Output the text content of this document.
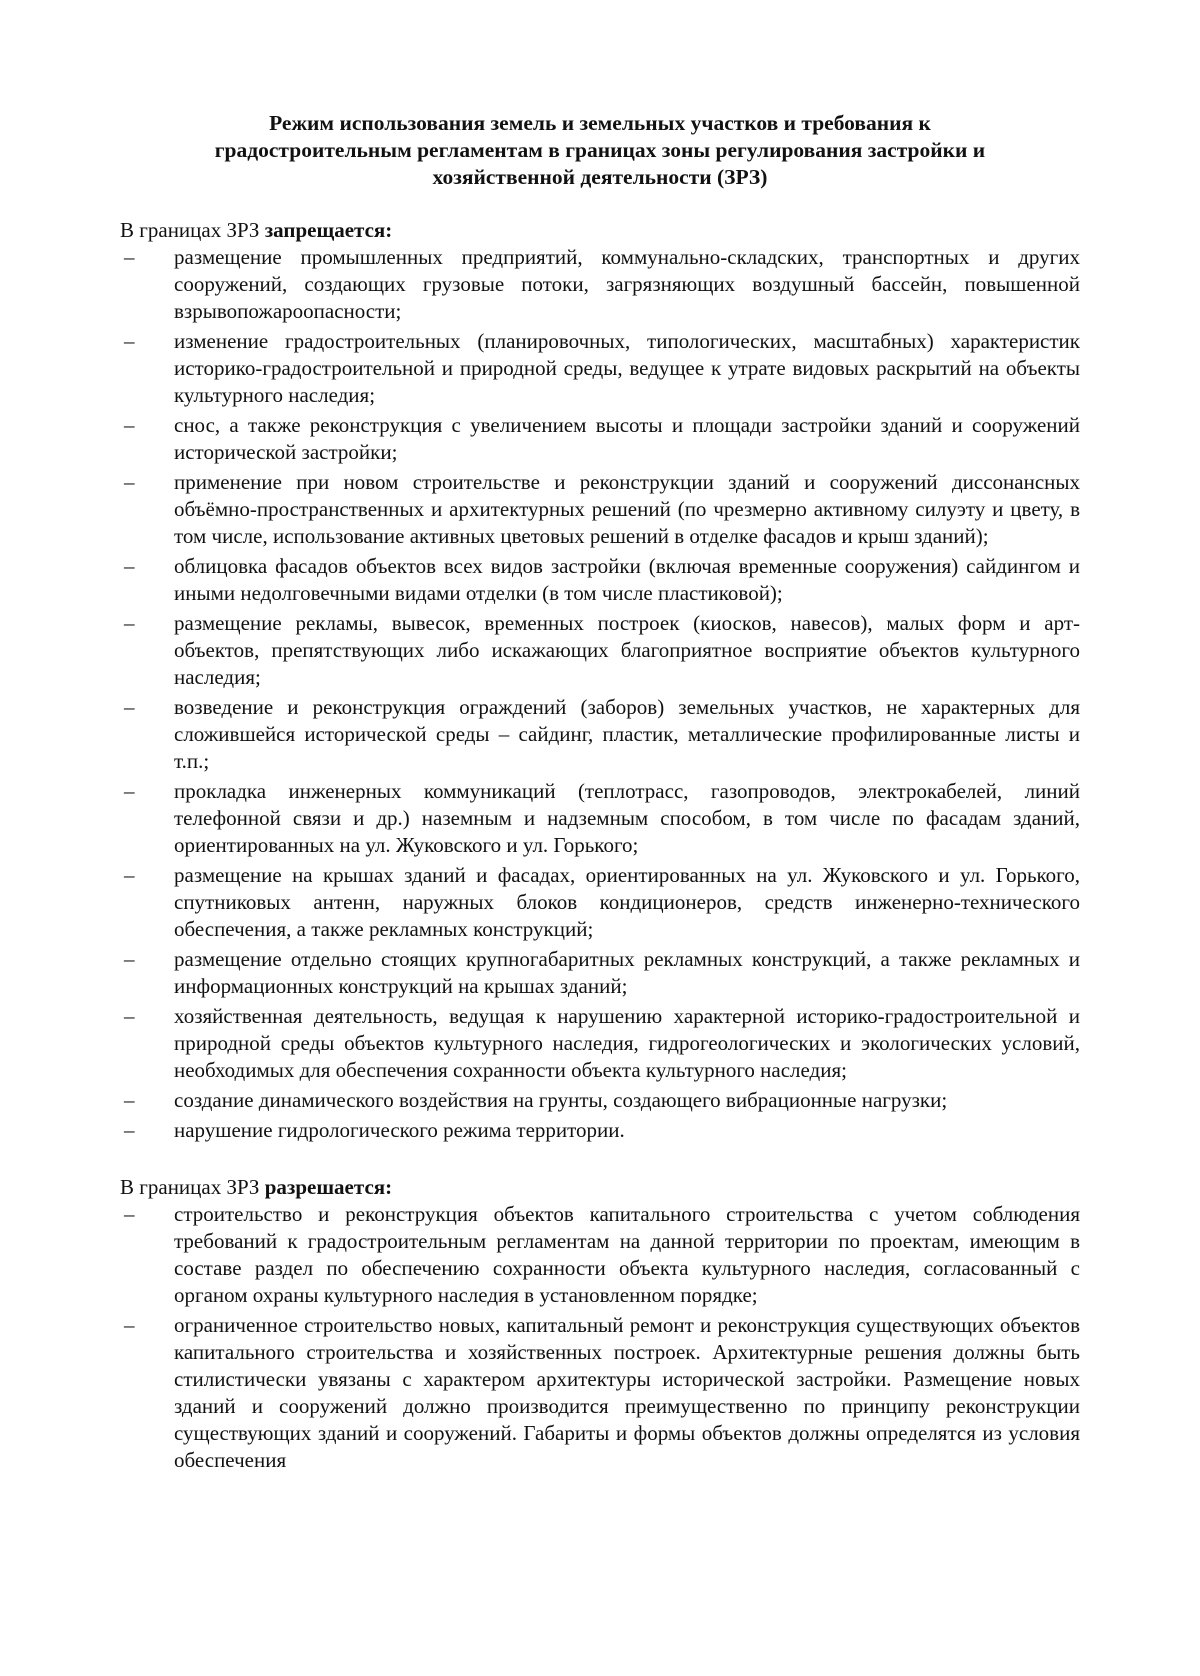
Режим использования земель и земельных участков и требования к
градостроительным регламентам в границах зоны регулирования застройки и
хозяйственной деятельности (ЗРЗ)

В границах ЗРЗ запрещается:

– размещение промышленных предприятий, коммунально-складских, транспортных и других сооружений, создающих грузовые потоки, загрязняющих воздушный бассейн, повышенной взрывопожароопасности;
– изменение градостроительных (планировочных, типологических, масштабных) характеристик историко-градостроительной и природной среды, ведущее к утрате видовых раскрытий на объекты культурного наследия;
– снос, а также реконструкция с увеличением высоты и площади застройки зданий и сооружений исторической застройки;
– применение при новом строительстве и реконструкции зданий и сооружений диссонансных объёмно-пространственных и архитектурных решений (по чрезмерно активному силуэту и цвету, в том числе, использование активных цветовых решений в отделке фасадов и крыш зданий);
– облицовка фасадов объектов всех видов застройки (включая временные сооружения) сайдингом и иными недолговечными видами отделки (в том числе пластиковой);
– размещение рекламы, вывесок, временных построек (киосков, навесов), малых форм и арт-объектов, препятствующих либо искажающих благоприятное восприятие объектов культурного наследия;
– возведение и реконструкция ограждений (заборов) земельных участков, не характерных для сложившейся исторической среды – сайдинг, пластик, металлические профилированные листы и т.п.;
– прокладка инженерных коммуникаций (теплотрасс, газопроводов, электрокабелей, линий телефонной связи и др.) наземным и надземным способом, в том числе по фасадам зданий, ориентированных на ул. Жуковского и ул. Горького;
– размещение на крышах зданий и фасадах, ориентированных на ул. Жуковского и ул. Горького, спутниковых антенн, наружных блоков кондиционеров, средств инженерно-технического обеспечения, а также рекламных конструкций;
– размещение отдельно стоящих крупногабаритных рекламных конструкций, а также рекламных и информационных конструкций на крышах зданий;
– хозяйственная деятельность, ведущая к нарушению характерной историко-градостроительной и природной среды объектов культурного наследия, гидрогеологических и экологических условий, необходимых для обеспечения сохранности объекта культурного наследия;
– создание динамического воздействия на грунты, создающего вибрационные нагрузки;
– нарушение гидрологического режима территории.

В границах ЗРЗ разрешается:

– строительство и реконструкция объектов капитального строительства с учетом соблюдения требований к градостроительным регламентам на данной территории по проектам, имеющим в составе раздел по обеспечению сохранности объекта культурного наследия, согласованный с органом охраны культурного наследия в установленном порядке;
– ограниченное строительство новых, капитальный ремонт и реконструкция существующих объектов капитального строительства и хозяйственных построек. Архитектурные решения должны быть стилистически увязаны с характером архитектуры исторической застройки. Размещение новых зданий и сооружений должно производится преимущественно по принципу реконструкции существующих зданий и сооружений. Габариты и формы объектов должны определятся из условия обеспечения
